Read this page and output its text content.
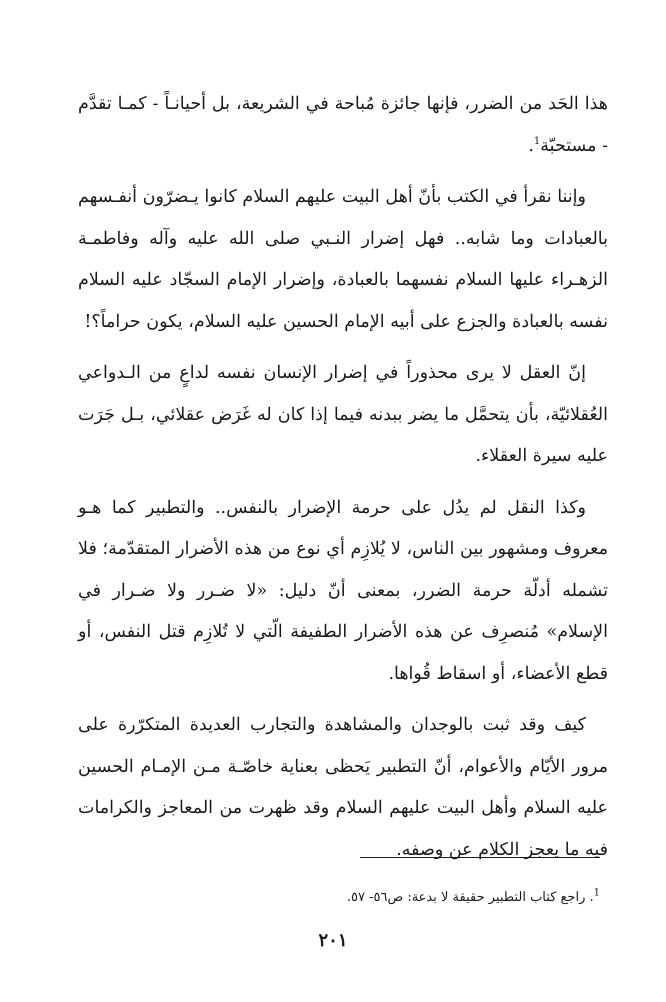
هذا الحَد من الضرر، فإنها جائزة مُباحة في الشريعة، بل أحيانـاً - كمـا تقدَّم - مستحبّة$^1$.

وإننا نقرأ في الكتب بأنّ أهل البيت عليهم السلام كانوا يـضرّون أنفـسهم بالعبادات وما شابه.. فهل إضرار النـبي صلى الله عليه وآله وفاطمـة الزهـراء عليها السلام نفسهما بالعبادة، وإضرار الإمام السجّاد عليه السلام نفسه بالعبادة والجزع على أبيه الإمام الحسين عليه السلام، يكون حراماً؟!

إنّ العقل لا يرى محذوراً في إضرار الإنسان نفسه لداعٍ من الـدواعي العُقلائيّة، بأن يتحمَّل ما يضر ببدنه فيما إذا كان له غَرَض عقلائي، بـل جَرَت عليه سيرة العقلاء.

وكذا النقل لم يدُل على حرمة الإضرار بالنفس.. والتطبير كما هـو معروف ومشهور بين الناس، لا يُلازِم أي نوع من هذه الأضرار المتقدّمة؛ فلا تشمله أدلّة حرمة الضرر، بمعنى أنّ دليل: «لا ضـرر ولا ضـرار في الإسلام» مُنصرِف عن هذه الأضرار الطفيفة الّتي لا تُلازِم قتل النفس، أو قطع الأعضاء، أو اسقاط قُواها.

كيف وقد ثبت بالوجدان والمشاهدة والتجارب العديدة المتكرّرة على مرور الأيّام والأعوام، أنّ التطبير يَحظى بعناية خاصّـة مـن الإمـام الحسين عليه السلام وأهل البيت عليهم السلام وقد ظهرت من المعاجز والكرامات فيه ما يعجز الكلام عن وصفه.

$^1$. راجع كتاب التطبير حقيقة لا بدعة: ص٥٦- ٥٧.
٢٠١
